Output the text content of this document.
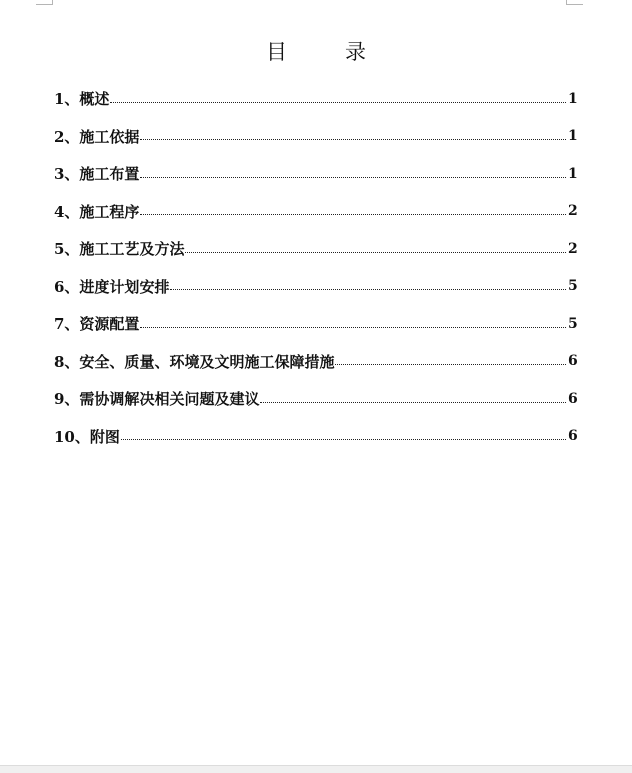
目	录
1、概述	1
2、施工依据	1
3、施工布置	1
4、施工程序	2
5、施工工艺及方法	2
6、进度计划安排	5
7、资源配置	5
8、安全、质量、环境及文明施工保障措施	6
9、需协调解决相关问题及建议	6
10、附图	6
